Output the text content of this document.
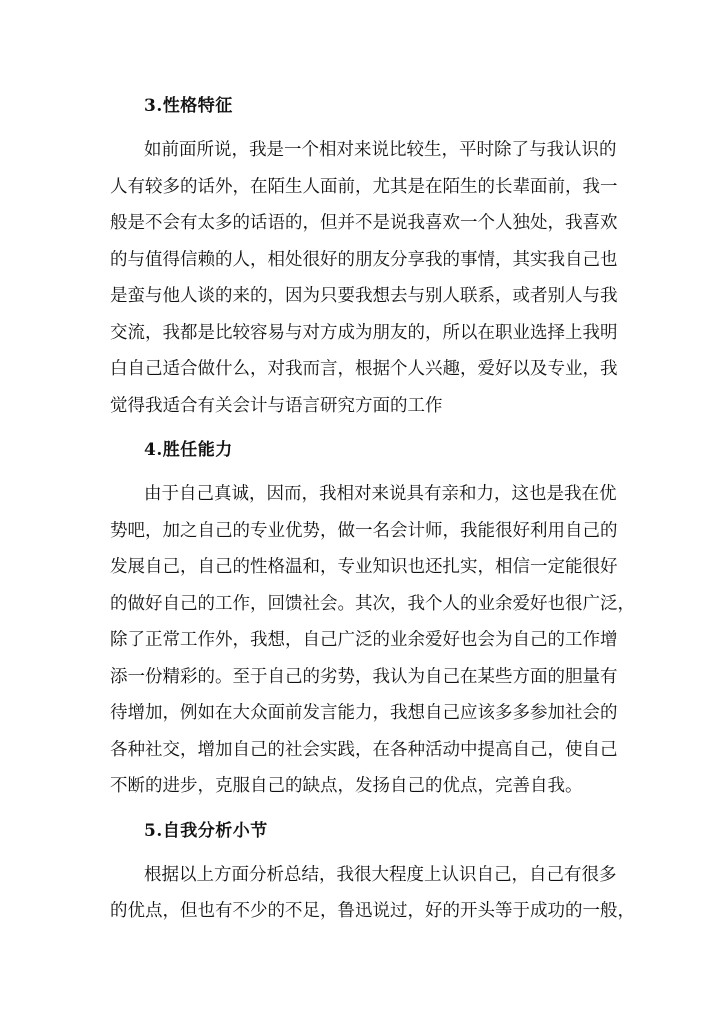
3.性格特征

如前面所说，我是一个相对来说比较生，平时除了与我认识的
人有较多的话外，在陌生人面前，尤其是在陌生的长辈面前，我一
般是不会有太多的话语的，但并不是说我喜欢一个人独处，我喜欢
的与值得信赖的人，相处很好的朋友分享我的事情，其实我自己也
是蛮与他人谈的来的，因为只要我想去与别人联系，或者别人与我
交流，我都是比较容易与对方成为朋友的，所以在职业选择上我明
白自己适合做什么，对我而言，根据个人兴趣，爱好以及专业，我
觉得我适合有关会计与语言研究方面的工作

4.胜任能力

由于自己真诚，因而，我相对来说具有亲和力，这也是我在优
势吧，加之自己的专业优势，做一名会计师，我能很好利用自己的
发展自己，自己的性格温和，专业知识也还扎实，相信一定能很好
的做好自己的工作，回馈社会。其次，我个人的业余爱好也很广泛，
除了正常工作外，我想，自己广泛的业余爱好也会为自己的工作增
添一份精彩的。至于自己的劣势，我认为自己在某些方面的胆量有
待增加，例如在大众面前发言能力，我想自己应该多多参加社会的
各种社交，增加自己的社会实践，在各种活动中提高自己，使自己
不断的进步，克服自己的缺点，发扬自己的优点，完善自我。

5.自我分析小节

根据以上方面分析总结，我很大程度上认识自己，自己有很多
的优点，但也有不少的不足，鲁迅说过，好的开头等于成功的一般，
